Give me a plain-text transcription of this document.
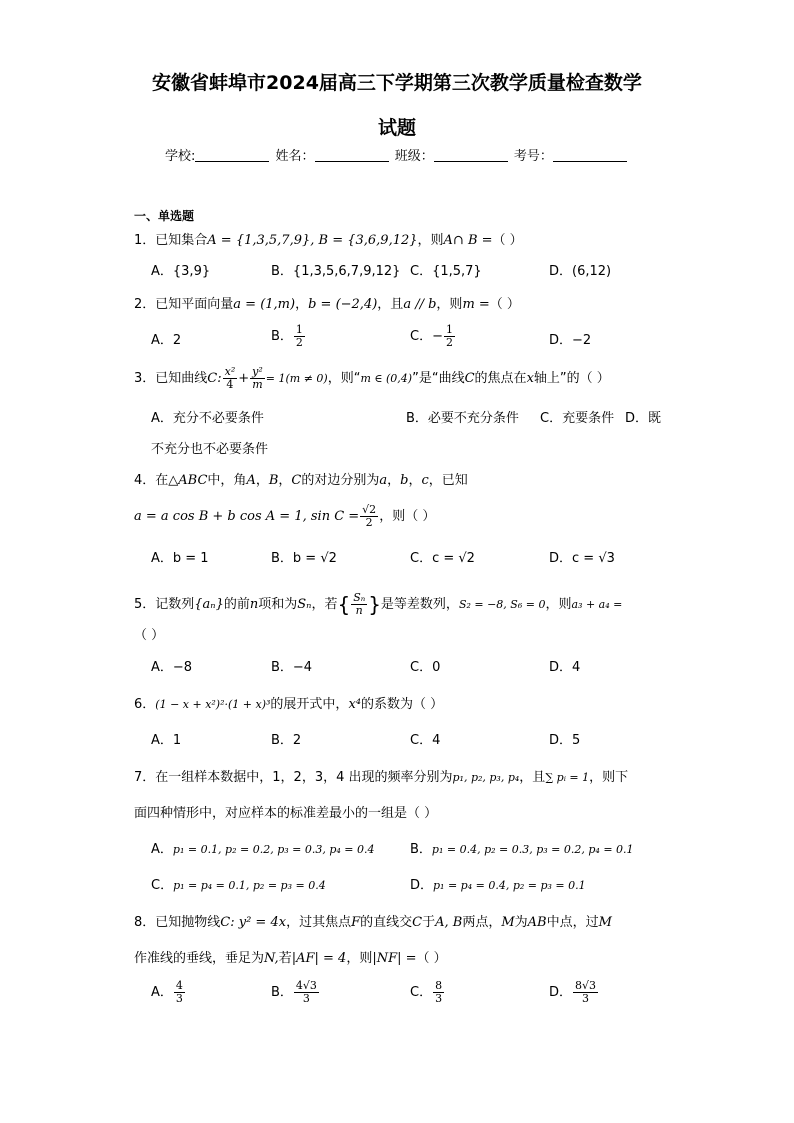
安徽省蚌埠市2024届高三下学期第三次教学质量检查数学
试题
学校:	姓名：	班级：	考号：
一、单选题
1．已知集合A = {1,3,5,7,9}, B = {3,6,9,12}，则A∩ B =（ ）
A．{3,9}	B．{1,3,5,6,7,9,12} C．{1,5,7}	D．(6,12)
2．已知平面向量a = (1,m)，b = (−2,4)，且a // b，则m =（ ）
A．2	B． $\frac{1}{2}$	C．− $\frac{1}{2}$	D．−2
3．已知曲线C: $\frac{\text{x²}}{4} + \frac{\text{y²}}{m} = 1(m \ne 0)$，则“m ∈ (0,4)”是“曲线C的焦点在x轴上”的（ ）
A．充分不必要条件	B．必要不充分条件 C．充要条件 D．既
不充分也不必要条件
4．在△ABC中，角A，B，C的对边分别为a，b，c，已知
a = a cos B + b cos A = 1, $\sin C = \frac{√2}{2}$ ，则（ ）
A．b = 1	B．b = √2	C．c = √2	D．c = √3
5．记数列{aₙ}的前n项和为Sₙ，若{ $\frac{\text{Sₙ}}{n}$ }是等差数列，S₂ = −8, S₆ = 0，则a₃ + a₄ =
（ ）
A．−8	B．−4	C．0	D．4
6．(1 − x + x²)²·(1 + x)³的展开式中，x⁴的系数为（ ）
A．1	B．2	C．4	D．5
7．在一组样本数据中，1，2，3，4 出现的频率分别为p₁, p₂, p₃, p₄，且∑ pᵢ = 1，则下
面四种情形中，对应样本的标准差最小的一组是（ ）
A．p₁ = 0.1, p₂ = 0.2, p₃ = 0.3, p₄ = 0.4	B．p₁ = 0.4, p₂ = 0.3, p₃ = 0.2, p₄ = 0.1
C．p₁ = p₄ = 0.1, p₂ = p₃ = 0.4	D．p₁ = p₄ = 0.4, p₂ = p₃ = 0.1
8．已知抛物线C: y² = 4x，过其焦点F的直线交C于A, B两点，M为AB中点，过M
作准线的垂线，垂足为N,若|AF| = 4，则|NF| =（ ）
A． $\frac{4}{3}$	B． $\frac{4√3}{3}$	C． $\frac{8}{3}$	D． $\frac{8√3}{3}$
